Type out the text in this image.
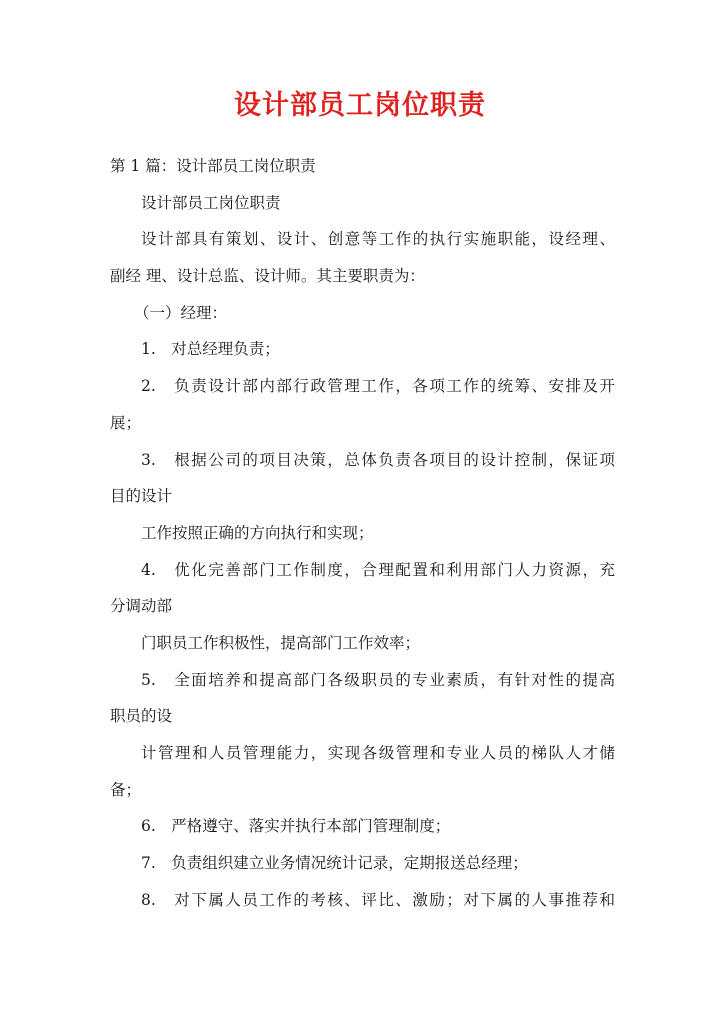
设计部员工岗位职责
第 1 篇：设计部员工岗位职责
设计部员工岗位职责
设计部具有策划、设计、创意等工作的执行实施职能，设经理、
副经 理、设计总监、设计师。其主要职责为：
（一）经理：
1.　对总经理负责；
2.　负责设计部内部行政管理工作，各项工作的统筹、安排及开
展；
3.　根据公司的项目决策，总体负责各项目的设计控制，保证项
目的设计
工作按照正确的方向执行和实现；
4.　优化完善部门工作制度，合理配置和利用部门人力资源，充
分调动部
门职员工作积极性，提高部门工作效率；
5.　全面培养和提高部门各级职员的专业素质，有针对性的提高
职员的设
计管理和人员管理能力，实现各级管理和专业人员的梯队人才储
备；
6.　严格遵守、落实并执行本部门管理制度；
7.　负责组织建立业务情况统计记录，定期报送总经理；
8.　对下属人员工作的考核、评比、激励；对下属的人事推荐和
